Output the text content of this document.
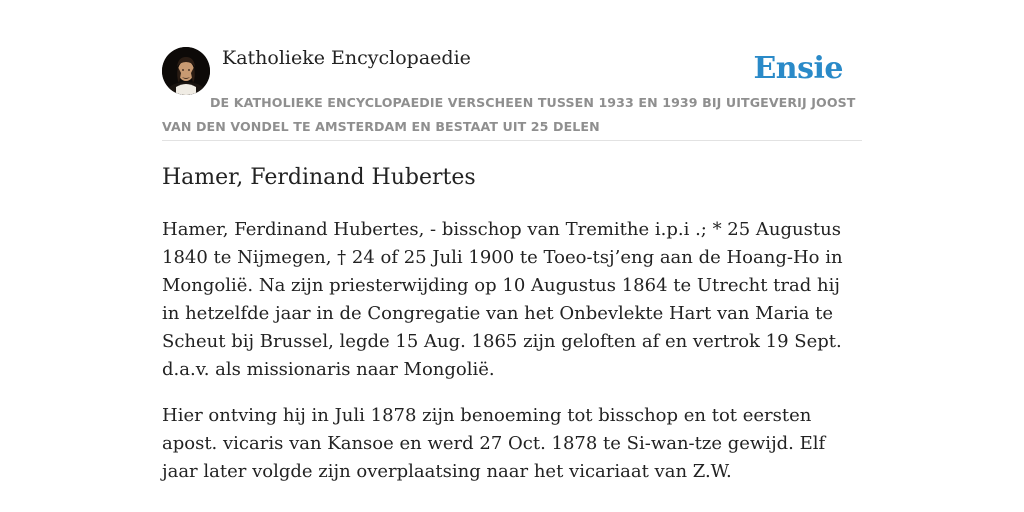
Katholieke Encyclopaedie	Ensie
DE KATHOLIEKE ENCYCLOPAEDIE VERSCHEEN TUSSEN 1933 EN 1939 BIJ UITGEVERIJ JOOST VAN DEN VONDEL TE AMSTERDAM EN BESTAAT UIT 25 DELEN
Hamer, Ferdinand Hubertes

Hamer, Ferdinand Hubertes, - bisschop van Tremithe i.p.i .; * 25 Augustus 1840 te Nijmegen, † 24 of 25 Juli 1900 te Toeo-tsj’eng aan de Hoang-Ho in Mongolië. Na zijn priesterwijding op 10 Augustus 1864 te Utrecht trad hij in hetzelfde jaar in de Congregatie van het Onbevlekte Hart van Maria te Scheut bij Brussel, legde 15 Aug. 1865 zijn geloften af en vertrok 19 Sept. d.a.v. als missionaris naar Mongolië.

Hier ontving hij in Juli 1878 zijn benoeming tot bisschop en tot eersten apost. vicaris van Kansoe en werd 27 Oct. 1878 te Si-wan-tze gewijd. Elf jaar later volgde zijn overplaatsing naar het vicariaat van Z.W.
